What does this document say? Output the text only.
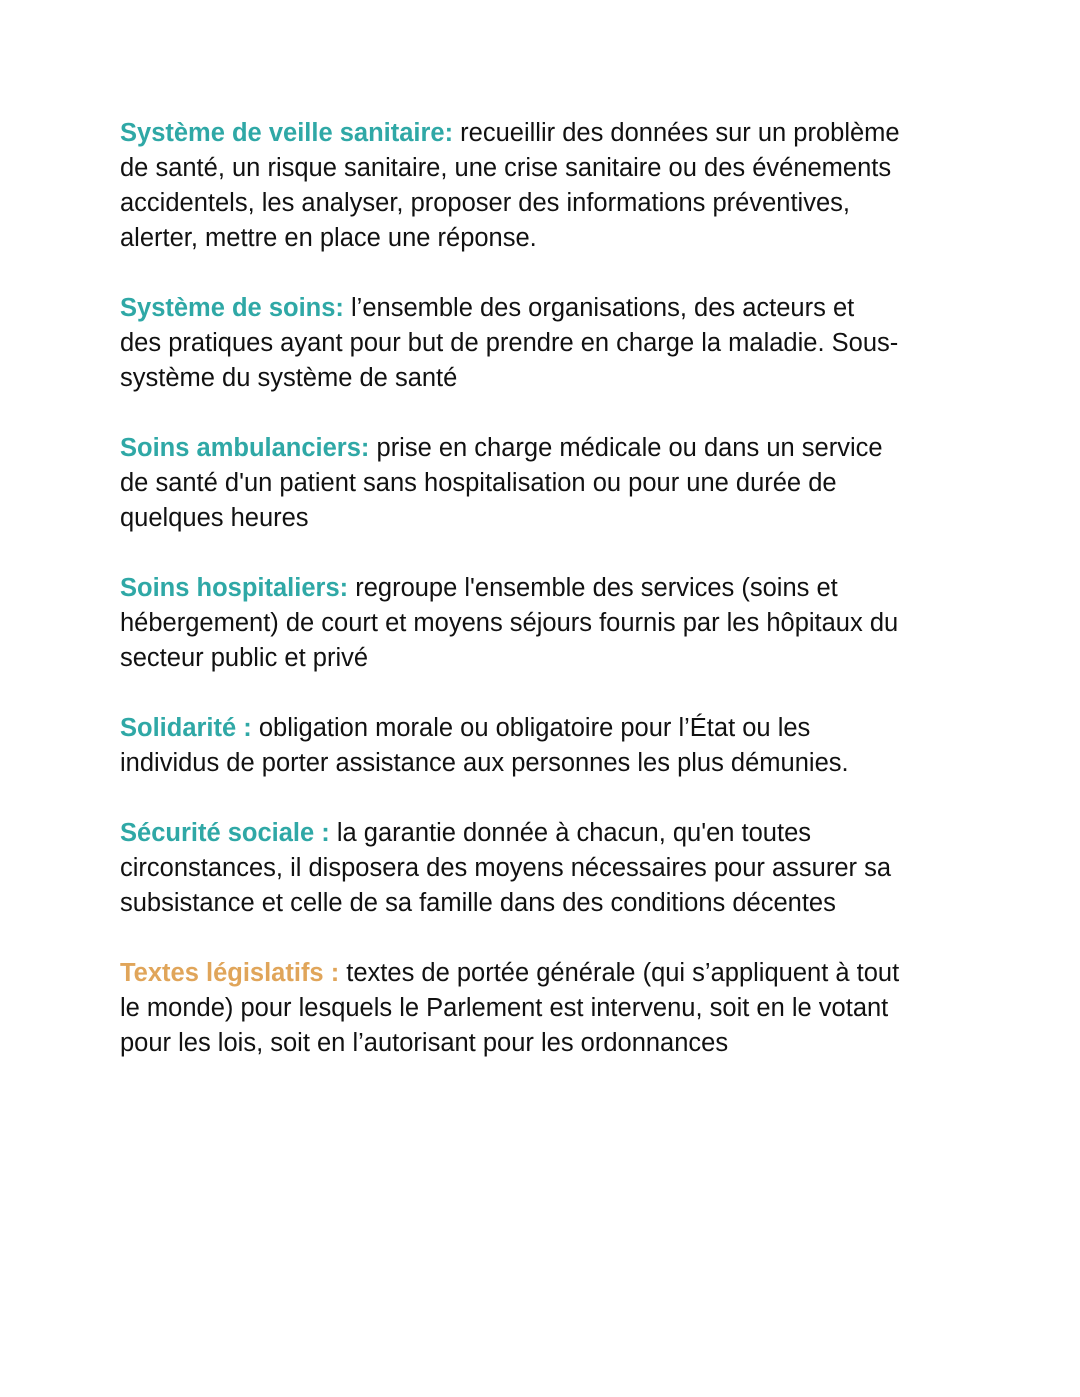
Système de veille sanitaire: recueillir des données sur un problème de santé, un risque sanitaire, une crise sanitaire ou des événements accidentels, les analyser, proposer des informations préventives, alerter, mettre en place une réponse.

Système de soins: l’ensemble des organisations, des acteurs et des pratiques ayant pour but de prendre en charge la maladie. Sous-système du système de santé

Soins ambulanciers: prise en charge médicale ou dans un service de santé d'un patient sans hospitalisation ou pour une durée de quelques heures

Soins hospitaliers: regroupe l'ensemble des services (soins et hébergement) de court et moyens séjours fournis par les hôpitaux du secteur public et privé

Solidarité : obligation morale ou obligatoire pour l’État ou les individus de porter assistance aux personnes les plus démunies.

Sécurité sociale : la garantie donnée à chacun, qu'en toutes circonstances, il disposera des moyens nécessaires pour assurer sa subsistance et celle de sa famille dans des conditions décentes

Textes législatifs : textes de portée générale (qui s’appliquent à tout le monde) pour lesquels le Parlement est intervenu, soit en le votant pour les lois, soit en l’autorisant pour les ordonnances
